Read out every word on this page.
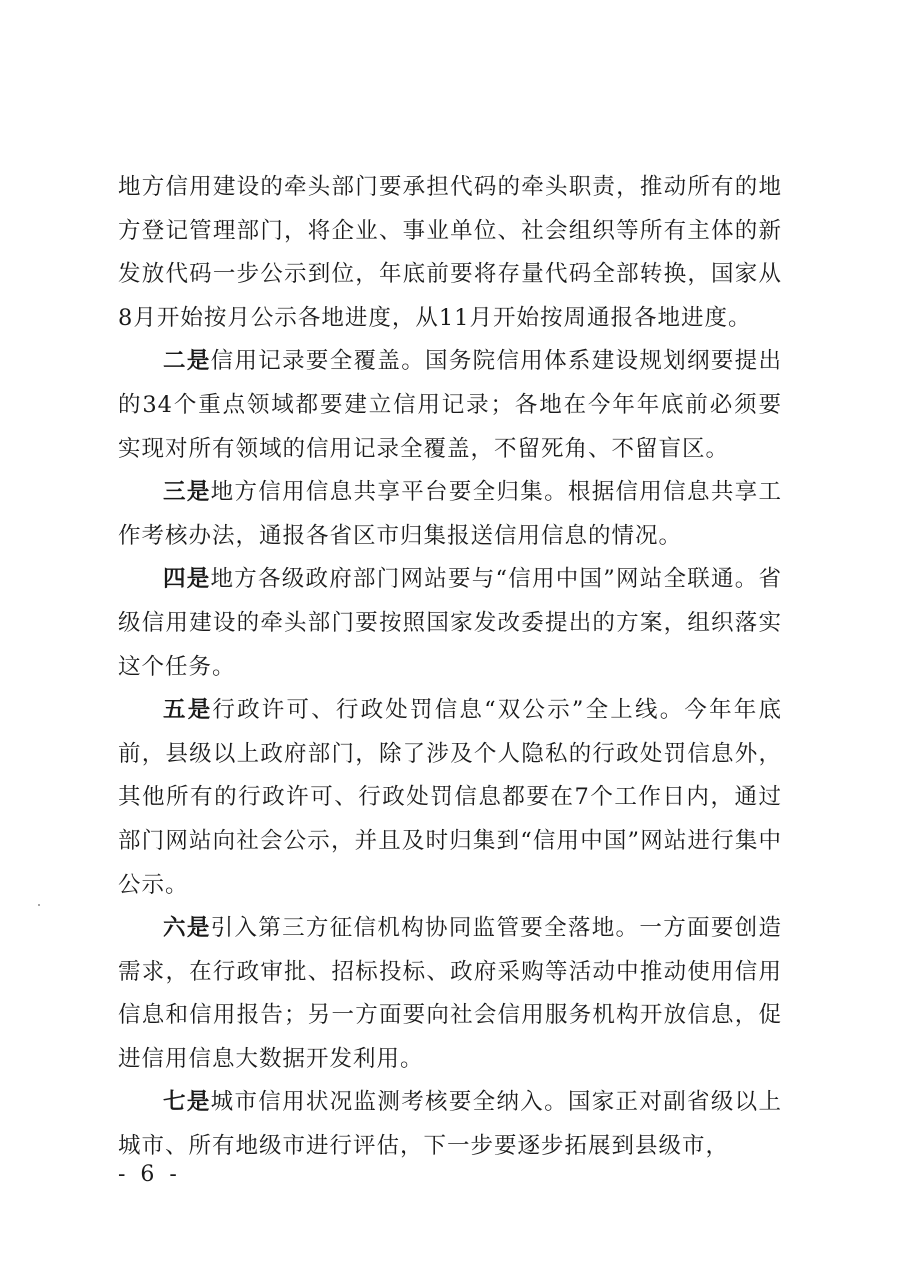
地方信用建设的牵头部门要承担代码的牵头职责，推动所有的地方登记管理部门，将企业、事业单位、社会组织等所有主体的新发放代码一步公示到位，年底前要将存量代码全部转换，国家从8月开始按月公示各地进度，从11月开始按周通报各地进度。

二是信用记录要全覆盖。国务院信用体系建设规划纲要提出的34个重点领域都要建立信用记录；各地在今年年底前必须要实现对所有领域的信用记录全覆盖，不留死角、不留盲区。

三是地方信用信息共享平台要全归集。根据信用信息共享工作考核办法，通报各省区市归集报送信用信息的情况。

四是地方各级政府部门网站要与“信用中国”网站全联通。省级信用建设的牵头部门要按照国家发改委提出的方案，组织落实这个任务。

五是行政许可、行政处罚信息“双公示”全上线。今年年底前，县级以上政府部门，除了涉及个人隐私的行政处罚信息外，其他所有的行政许可、行政处罚信息都要在7个工作日内，通过部门网站向社会公示，并且及时归集到“信用中国”网站进行集中公示。

六是引入第三方征信机构协同监管要全落地。一方面要创造需求，在行政审批、招标投标、政府采购等活动中推动使用信用信息和信用报告；另一方面要向社会信用服务机构开放信息，促进信用信息大数据开发利用。

七是城市信用状况监测考核要全纳入。国家正对副省级以上城市、所有地级市进行评估，下一步要逐步拓展到县级市，

- 6 -
